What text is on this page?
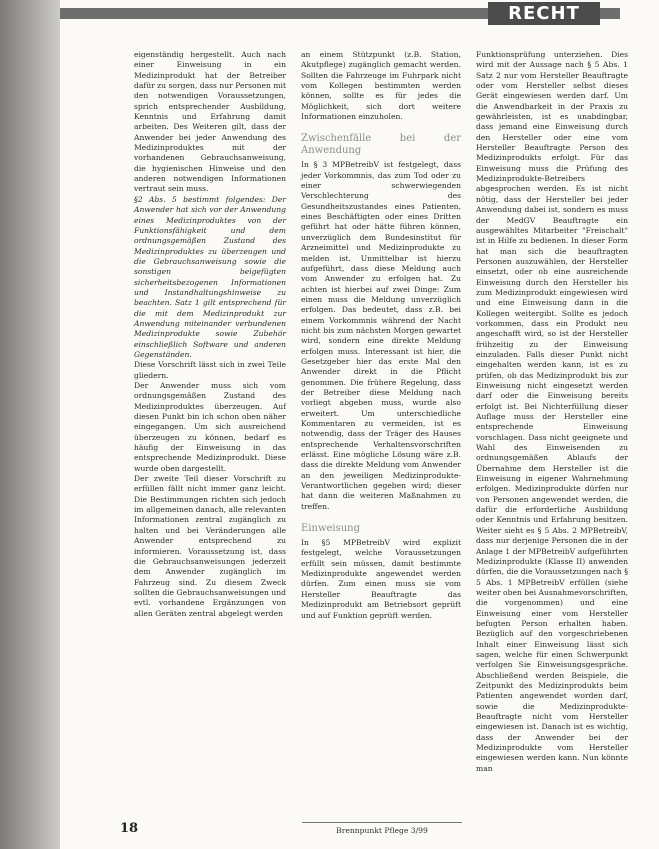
RECHT

eigenständig hergestellt. Auch nach einer Einweisung in ein Medizinprodukt hat der Betreiber dafür zu sorgen, dass nur Personen mit den notwendigen Voraussetzungen, sprich entsprechender Ausbildung, Kenntnis und Erfahrung damit arbeiten. Des Weiteren gilt, dass der Anwender bei jeder Anwendung des Medizinproduktes mit der vorhandenen Gebrauchsanweisung, die hygienischen Hinweise und den anderen notwendigen Informationen vertraut sein muss.

§2 Abs. 5 bestimmt folgendes: Der Anwender hat sich vor der Anwendung eines Medizinproduktes von der Funktionsfähigkeit und dem ordnungsgemäßen Zustand des Medizinproduktes zu überzeugen und die Gebrauchsanweisung sowie die sonstigen beigefügten sicherheitsbezogenen Informationen und Instandhaltungshinweise zu beachten. Satz 1 gilt entsprechend für die mit dem Medizinprodukt zur Anwendung miteinander verbundenen Medizinprodukte sowie Zubehör einschließlich Software und anderen Gegenständen.

Diese Vorschrift lässt sich in zwei Teile gliedern.

Der Anwender muss sich vom ordnungsgemäßen Zustand des Medizinproduktes überzeugen. Auf diesen Punkt bin ich schon oben näher eingegangen. Um sich ausreichend überzeugen zu können, bedarf es häufig der Einweisung in das entsprechende Medizinprodukt. Diese wurde oben dargestellt.

Der zweite Teil dieser Vorschrift zu erfüllen fällt nicht immer ganz leicht. Die Bestimmungen richten sich jedoch im allgemeinen danach, alle relevanten Informationen zentral zugänglich zu halten und bei Veränderungen alle Anwender entsprechend zu informieren. Voraussetzung ist, dass die Gebrauchsanweisungen jederzeit dem Anwender zugänglich im Fahrzeug sind. Zu diesem Zweck sollten die Gebrauchsanweisungen und evtl. vorhandene Ergänzungen von allen Geräten zentral abgelegt werden

an einem Stützpunkt (z.B. Station, Akutpflege) zugänglich gemacht werden. Sollten die Fahrzeuge im Fuhrpark nicht vom Kollegen bestimmten werden können, sollte es für jedes die Möglichkeit, sich dort weitere Informationen einzuholen.

Zwischenfälle bei der Anwendung

In § 3 MPBetreibV ist festgelegt, dass jeder Vorkommnis, das zum Tod oder zu einer schwerwiegenden Verschlechterung des Gesundheitszustandes eines Patienten, eines Beschäftigten oder eines Dritten geführt hat oder hätte führen können, unverzüglich dem Bundesinstitut für Arzneimittel und Medizinprodukte zu melden ist. Unmittelbar ist hierzu aufgeführt, dass diese Meldung auch vom Anwender zu erfolgen hat. Zu achten ist hierbei auf zwei Dinge: Zum einen muss die Meldung unverzüglich erfolgen. Das bedeutet, dass z.B. bei einem Vorkommnis während der Nacht nicht bis zum nächsten Morgen gewartet wird, sondern eine direkte Meldung erfolgen muss. Interessant ist hier, die Gesetzgeber hier das erste Mal den Anwender direkt in die Pflicht genommen. Die frühere Regelung, dass der Betreiber diese Meldung nach vorliegt abgeben muss, wurde also erweitert. Um unterschiedliche Kommentaren zu vermeiden, ist es notwendig, dass der Träger des Hauses entsprechende Verhaltensvorschriften erlässt. Eine mögliche Lösung wäre z.B. dass die direkte Meldung vom Anwender an den jeweiligen Medizinprodukte-Verantwortlichen gegeben wird; dieser hat dann die weiteren Maßnahmen zu treffen.

Einweisung

In §5 MPBetreibV wird explizit festgelegt, welche Voraussetzungen erfüllt sein müssen, damit bestimmte Medizinprodukte angewendet werden dürfen. Zum einen muss sie vom Hersteller Beauftragte das Medizinprodukt am Betriebsort geprüft und auf Funktion geprüft werden.

Funktionsprüfung unterziehen. Dies wird mit der Aussage nach § 5 Abs. 1 Satz 2 nur vom Hersteller Beauftragte oder vom Hersteller selbst dieses Gerät eingewiesen werden darf. Um die Anwendbarkeit in der Praxis zu gewährleisten, ist es unabdingbar, dass jemand eine Einweisung durch den Hersteller oder eine vom Hersteller Beauftragte Person des Medizinprodukts erfolgt. Für das Einweisung muss die Prüfung des Medizinprodukte-Betreibers abgesprochen werden. Es ist nicht nötig, dass der Hersteller bei jeder Anwendung dabei ist, sondern es muss der MedGV Beauftragte ein ausgewähltes Mitarbeiter "Freischalt" ist in Hilfe zu bedienen. In dieser Form hat man sich die beauftragten Personen auszuwählen, der Hersteller einsetzt, oder ob eine ausreichende Einweisung durch den Hersteller bis zum Medizinprodukt eingewiesen wird und eine Einweisung dann in die Kollegen weitergibt. Sollte es jedoch vorkommen, dass ein Produkt neu angeschafft wird, so ist der Hersteller frühzeitig zu der Einweisung einzuladen. Falls dieser Punkt nicht eingehalten werden kann, ist es zu prüfen, ob das Medizinprodukt bis zur Einweisung nicht eingesetzt werden darf oder die Einweisung bereits erfolgt ist. Bei Nichterfüllung dieser Auflage muss der Hersteller eine entsprechende Einweisung vorschlagen. Dass nicht geeignete und Wahl des Einweisenden zu ordnungsgemäßen Ablaufs der Übernahme dem Hersteller ist die Einweisung in eigener Wahrnehmung erfolgen. Medizinprodukte dürfen nur von Personen angewendet werden, die dafür die erforderliche Ausbildung oder Kenntnis und Erfahrung besitzen. Weiter sieht es § 5 Abs. 2 MPBetreibV, dass nur derjenige Personen die in der Anlage 1 der MPBetreibV aufgeführten Medizinprodukte (Klasse II) anwenden dürfen, die die Voraussetzungen nach § 5 Abs. 1 MPBetreibV erfüllen (siehe weiter oben bei Ausnahmevorschriften, die vorgenommen) und eine Einweisung einer vom Hersteller befugten Person erhalten haben. Bezüglich auf den vorgeschriebenen Inhalt einer Einweisung lässt sich sagen, welche für einen Schwerpunkt verfolgen Sie Einweisungsgespräche. Abschließend werden Beispiele, die Zeitpunkt des Medizinprodukts beim Patienten angewendet worden darf, sowie die Medizinprodukte-Beauftragte nicht vom Hersteller eingewiesen ist. Danach ist es wichtig, dass der Anwender bei der Medizinprodukte vom Hersteller eingewiesen werden kann. Nun könnte man

18	Brennpunkt Pflege 3/99
